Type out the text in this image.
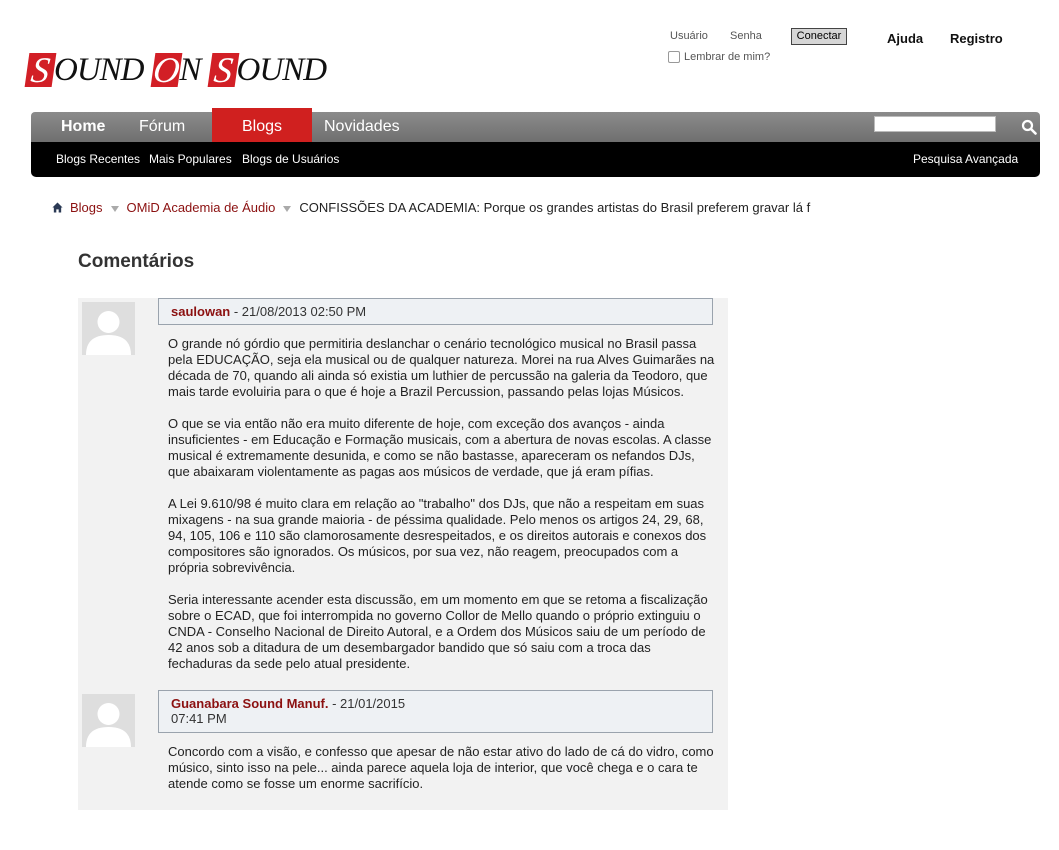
S OUND O
N S OUND
Usuário Senha	Conectar
Lembrar de mim?
Ajuda Registro
Home Fórum	Blogs	Novidades
Blogs Recentes Mais Populares Blogs de Usuários	Pesquisa Avançada
Blogs OMiD Academia de Áudio CONFISSÕES DA ACADEMIA: Porque os grandes artistas do Brasil preferem gravar lá f
Comentários
saulowan - 21/08/2013 02:50 PM

O grande nó górdio que permitiria deslanchar o cenário tecnológico musical no Brasil passa pela EDUCAÇÃO, seja ela musical ou de qualquer natureza. Morei na rua Alves Guimarães na década de 70, quando ali ainda só existia um luthier de percussão na galeria da Teodoro, que mais tarde evoluiria para o que é hoje a Brazil Percussion, passando pelas lojas Músicos.

O que se via então não era muito diferente de hoje, com exceção dos avanços - ainda insuficientes - em Educação e Formação musicais, com a abertura de novas escolas. A classe musical é extremamente desunida, e como se não bastasse, apareceram os nefandos DJs, que abaixaram violentamente as pagas aos músicos de verdade, que já eram pífias.

A Lei 9.610/98 é muito clara em relação ao "trabalho" dos DJs, que não a respeitam em suas mixagens - na sua grande maioria - de péssima qualidade. Pelo menos os artigos 24, 29, 68, 94, 105, 106 e 110 são clamorosamente desrespeitados, e os direitos autorais e conexos dos compositores são ignorados. Os músicos, por sua vez, não reagem, preocupados com a própria sobrevivência.

Seria interessante acender esta discussão, em um momento em que se retoma a fiscalização sobre o ECAD, que foi interrompida no governo Collor de Mello quando o próprio extinguiu o CNDA - Conselho Nacional de Direito Autoral, e a Ordem dos Músicos saiu de um período de 42 anos sob a ditadura de um desembargador bandido que só saiu com a troca das fechaduras da sede pelo atual presidente.

Guanabara Sound Manuf. - 21/01/2015
07:41 PM

Concordo com a visão, e confesso que apesar de não estar ativo do lado de cá do vidro, como músico, sinto isso na pele... ainda parece aquela loja de interior, que você chega e o cara te atende como se fosse um enorme sacrifício.
